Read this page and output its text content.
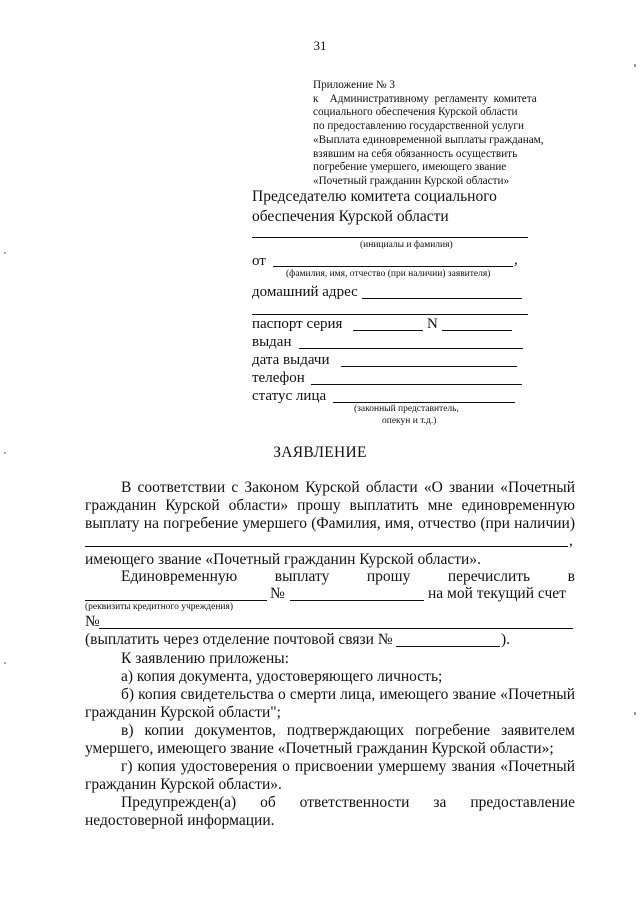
31
Приложение № 3
к    Административному  регламенту  комитета
социального обеспечения Курской области
по предоставлению государственной услуги
«Выплата единовременной выплаты гражданам,
взявшим на себя обязанность осуществить
погребение умершего, имеющего звание
«Почетный гражданин Курской области»
Председателю комитета социального
обеспечения Курской области
(инициалы и фамилия)
от	,
(фамилия, имя, отчество (при наличии) заявителя)
домашний адрес
паспорт серия	N
выдан
дата выдачи
телефон
статус лица
(законный представитель,
опекун и т.д.)
ЗАЯВЛЕНИЕ
В соответствии с Законом Курской области «О звании «Почетный
гражданин Курской области» прошу выплатить мне единовременную
выплату на погребение умершего (Фамилия, имя, отчество (при наличии)
,
имеющего звание «Почетный гражданин Курской области».
Единовременную выплату прошу перечислить в
№	на мой текущий счет
(реквизиты кредитного учреждения)
№
(выплатить через отделение почтовой связи №	).
К заявлению приложены:
а) копия документа, удостоверяющего личность;
б) копия свидетельства о смерти лица, имеющего звание «Почетный
гражданин Курской области";
в) копии документов, подтверждающих погребение заявителем
умершего, имеющего звание «Почетный гражданин Курской области»;
г) копия удостоверения о присвоении умершему звания «Почетный
гражданин Курской области».
Предупрежден(а) об ответственности за предоставление
недостоверной информации.
